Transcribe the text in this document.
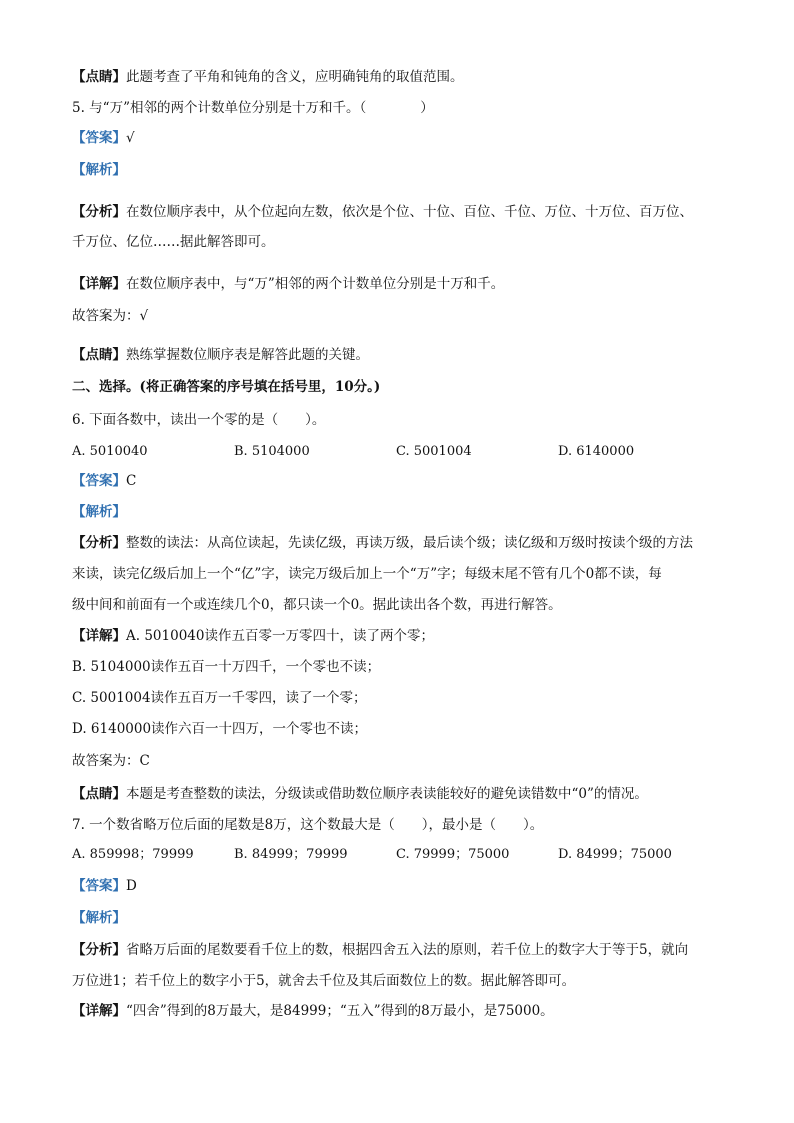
【点睛】此题考查了平角和钝角的含义，应明确钝角的取值范围。
5. 与“万”相邻的两个计数单位分别是十万和千。（　　　　）
【答案】√
【解析】
【分析】在数位顺序表中，从个位起向左数，依次是个位、十位、百位、千位、万位、十万位、百万位、
千万位、亿位……据此解答即可。
【详解】在数位顺序表中，与“万”相邻的两个计数单位分别是十万和千。
故答案为：√
【点睛】熟练掌握数位顺序表是解答此题的关键。
二、选择。(将正确答案的序号填在括号里，10分。)
6. 下面各数中，读出一个零的是（　　）。
A. 5010040	B. 5104000	C. 5001004	D. 6140000
【答案】C
【解析】
【分析】整数的读法：从高位读起，先读亿级，再读万级，最后读个级；读亿级和万级时按读个级的方法
来读，读完亿级后加上一个“亿”字，读完万级后加上一个“万”字；每级末尾不管有几个0都不读，每
级中间和前面有一个或连续几个0，都只读一个0。据此读出各个数，再进行解答。
【详解】A. 5010040读作五百零一万零四十，读了两个零；
B. 5104000读作五百一十万四千，一个零也不读；
C. 5001004读作五百万一千零四，读了一个零；
D. 6140000读作六百一十四万，一个零也不读；
故答案为：C
【点睛】本题是考查整数的读法，分级读或借助数位顺序表读能较好的避免读错数中“0”的情况。
7. 一个数省略万位后面的尾数是8万，这个数最大是（　　），最小是（　　）。
A. 859998；79999	B. 84999；79999	C. 79999；75000	D. 84999；75000
【答案】D
【解析】
【分析】省略万后面的尾数要看千位上的数，根据四舍五入法的原则，若千位上的数字大于等于5，就向
万位进1；若千位上的数字小于5，就舍去千位及其后面数位上的数。据此解答即可。
【详解】“四舍”得到的8万最大，是84999；“五入”得到的8万最小，是75000。
